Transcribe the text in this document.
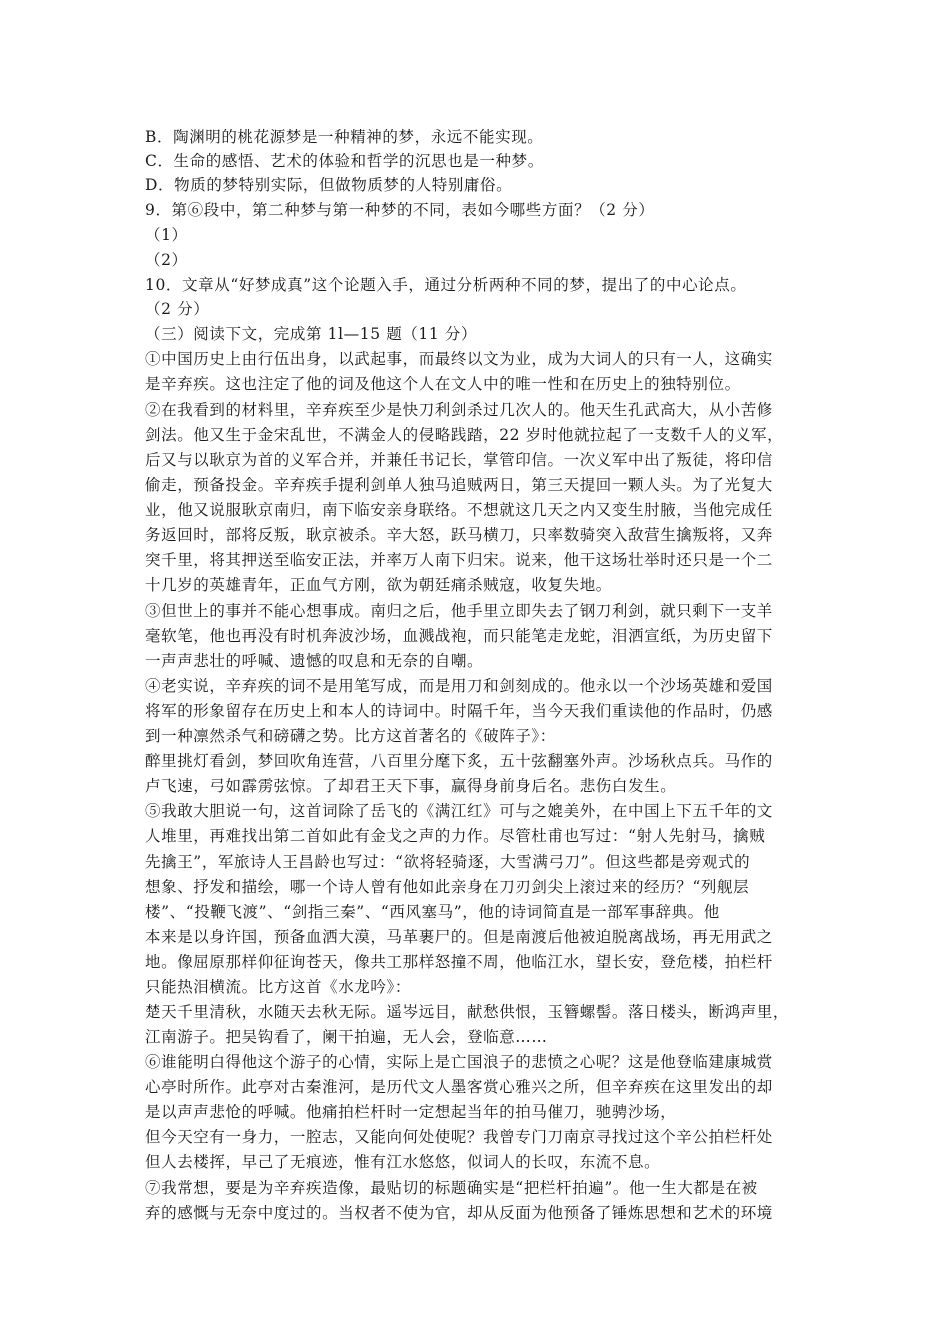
B．陶渊明的桃花源梦是一种精神的梦，永远不能实现。
C．生命的感悟、艺术的体验和哲学的沉思也是一种梦。
D．物质的梦特别实际，但做物质梦的人特别庸俗。
9．第⑥段中，第二种梦与第一种梦的不同，表如今哪些方面？（2 分）
（1）
（2）
10．文章从“好梦成真”这个论题入手，通过分析两种不同的梦，提出了的中心论点。
（2 分）
（三）阅读下文，完成第 1l—15 题（11 分）
①中国历史上由行伍出身，以武起事，而最终以文为业，成为大词人的只有一人，这确实
是辛弃疾。这也注定了他的词及他这个人在文人中的唯一性和在历史上的独特别位。
②在我看到的材料里，辛弃疾至少是快刀利剑杀过几次人的。他天生孔武高大，从小苦修
剑法。他又生于金宋乱世，不满金人的侵略践踏，22 岁时他就拉起了一支数千人的义军，
后又与以耿京为首的义军合并，并兼任书记长，掌管印信。一次义军中出了叛徒，将印信
偷走，预备投金。辛弃疾手提利剑单人独马追贼两日，第三天提回一颗人头。为了光复大
业，他又说服耿京南归，南下临安亲身联络。不想就这几天之内又变生肘腋，当他完成任
务返回时，部将反叛，耿京被杀。辛大怒，跃马横刀，只率数骑突入敌营生擒叛将，又奔
突千里，将其押送至临安正法，并率万人南下归宋。说来，他干这场壮举时还只是一个二
十几岁的英雄青年，正血气方刚，欲为朝廷痛杀贼寇，收复失地。
③但世上的事并不能心想事成。南归之后，他手里立即失去了钢刀利剑，就只剩下一支羊
毫软笔，他也再没有时机奔波沙场，血溅战袍，而只能笔走龙蛇，泪洒宣纸，为历史留下
一声声悲壮的呼喊、遗憾的叹息和无奈的自嘲。
④老实说，辛弃疾的词不是用笔写成，而是用刀和剑刻成的。他永以一个沙场英雄和爱国
将军的形象留存在历史上和本人的诗词中。时隔千年，当今天我们重读他的作品时，仍感
到一种凛然杀气和磅礴之势。比方这首著名的《破阵子》：
醉里挑灯看剑，梦回吹角连营，八百里分麾下炙，五十弦翻塞外声。沙场秋点兵。马作的
卢飞速，弓如霹雳弦惊。了却君王天下事，赢得身前身后名。悲伤白发生。
⑤我敢大胆说一句，这首词除了岳飞的《满江红》可与之媲美外，在中国上下五千年的文
人堆里，再难找出第二首如此有金戈之声的力作。尽管杜甫也写过：“射人先射马，擒贼
先擒王”，军旅诗人王昌龄也写过：“欲将轻骑逐，大雪满弓刀”。但这些都是旁观式的
想象、抒发和描绘，哪一个诗人曾有他如此亲身在刀刃剑尖上滚过来的经历？“列舰层
楼”、“投鞭飞渡”、“剑指三秦”、“西风塞马”，他的诗词简直是一部军事辞典。他
本来是以身许国，预备血洒大漠，马革裹尸的。但是南渡后他被迫脱离战场，再无用武之
地。像屈原那样仰征询苍天，像共工那样怒撞不周，他临江水，望长安，登危楼，拍栏杆
只能热泪横流。比方这首《水龙吟》：
楚天千里清秋，水随天去秋无际。遥岑远目，献愁供恨，玉簪螺髻。落日楼头，断鸿声里，
江南游子。把吴钩看了，阑干拍遍，无人会，登临意……
⑥谁能明白得他这个游子的心情，实际上是亡国浪子的悲愤之心呢？这是他登临建康城赏
心亭时所作。此亭对古秦淮河，是历代文人墨客赏心雅兴之所，但辛弃疾在这里发出的却
是以声声悲怆的呼喊。他痛拍栏杆时一定想起当年的拍马催刀，驰骋沙场，
但今天空有一身力，一腔志，又能向何处使呢？我曾专门刀南京寻找过这个辛公拍栏杆处
但人去楼挥，早己了无痕迹，惟有江水悠悠，似词人的长叹，东流不息。
⑦我常想，要是为辛弃疾造像，最贴切的标题确实是“把栏杆拍遍”。他一生大都是在被
弃的感慨与无奈中度过的。当权者不使为官，却从反面为他预备了锤炼思想和艺术的环境
